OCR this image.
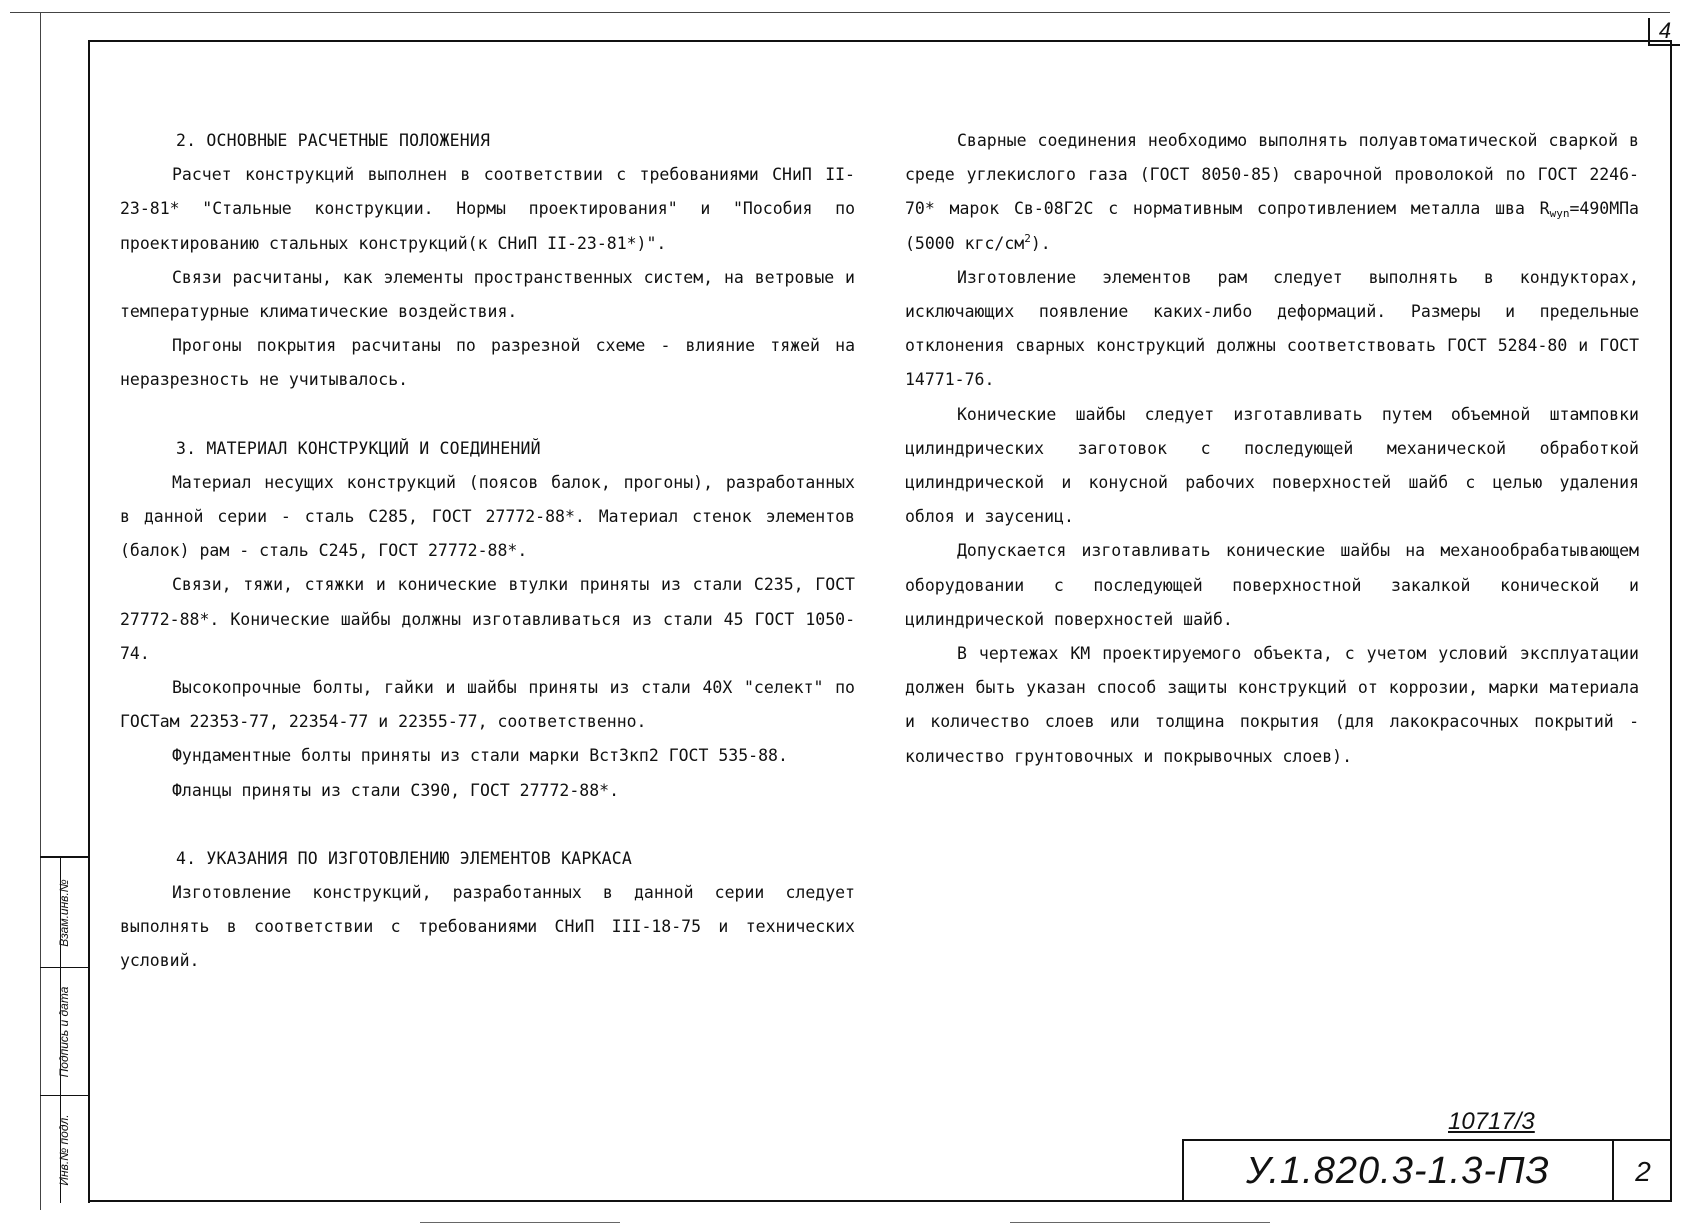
4
Взам.инв.№
Подпись и дата
Инв.№ подл.
2. ОСНОВНЫЕ РАСЧЕТНЫЕ ПОЛОЖЕНИЯ

Расчет конструкций выполнен в соответствии с требованиями СНиП II-23-81* "Стальные конструкции. Нормы проектирования" и "Пособия по проектированию стальных конструкций(к СНиП II-23-81*)".

Связи расчитаны, как элементы пространственных систем, на ветровые и температурные климатические воздействия.

Прогоны покрытия расчитаны по разрезной схеме - влияние тяжей на неразрезность не учитывалось.

3. МАТЕРИАЛ КОНСТРУКЦИЙ И СОЕДИНЕНИЙ

Материал несущих конструкций (поясов балок, прогоны), разработанных в данной серии - сталь С285, ГОСТ 27772-88*. Материал стенок элементов (балок) рам - сталь С245, ГОСТ 27772-88*.

Связи, тяжи, стяжки и конические втулки приняты из стали С235, ГОСТ 27772-88*. Конические шайбы должны изготавливаться из стали 45 ГОСТ 1050-74.

Высокопрочные болты, гайки и шайбы приняты из стали 40Х "селект" по ГОСТам 22353-77, 22354-77 и 22355-77, соответственно.

Фундаментные болты приняты из стали марки ВстЗкп2 ГОСТ 535-88.

Фланцы приняты из стали С390, ГОСТ 27772-88*.

4. УКАЗАНИЯ ПО ИЗГОТОВЛЕНИЮ ЭЛЕМЕНТОВ КАРКАСА

Изготовление конструкций, разработанных в данной серии следует выполнять в соответствии с требованиями СНиП III-18-75 и технических условий.

Сварные соединения необходимо выполнять полуавтоматической сваркой в среде углекислого газа (ГОСТ 8050-85) сварочной проволокой по ГОСТ 2246-70* марок Св-08Г2С с нормативным сопротивлением металла шва $R_{wyn}=490МПа$ (5000 кгс/$см^2$).

Изготовление элементов рам следует выполнять в кондукторах, исключающих появление каких-либо деформаций. Размеры и предельные отклонения сварных конструкций должны соответствовать ГОСТ 5284-80 и ГОСТ 14771-76.

Конические шайбы следует изготавливать путем объемной штамповки цилиндрических заготовок с последующей механической обработкой цилиндрической и конусной рабочих поверхностей шайб с целью удаления облоя и заусениц.

Допускается изготавливать конические шайбы на механообрабатывающем оборудовании с последующей поверхностной закалкой конической и цилиндрической поверхностей шайб.

В чертежах КМ проектируемого объекта, с учетом условий эксплуатации должен быть указан способ защиты конструкций от коррозии, марки материала и количество слоев или толщина покрытия (для лакокрасочных покрытий - количество грунтовочных и покрывочных слоев).

10717/3
У.1.820.3-1.3-ПЗ	2
